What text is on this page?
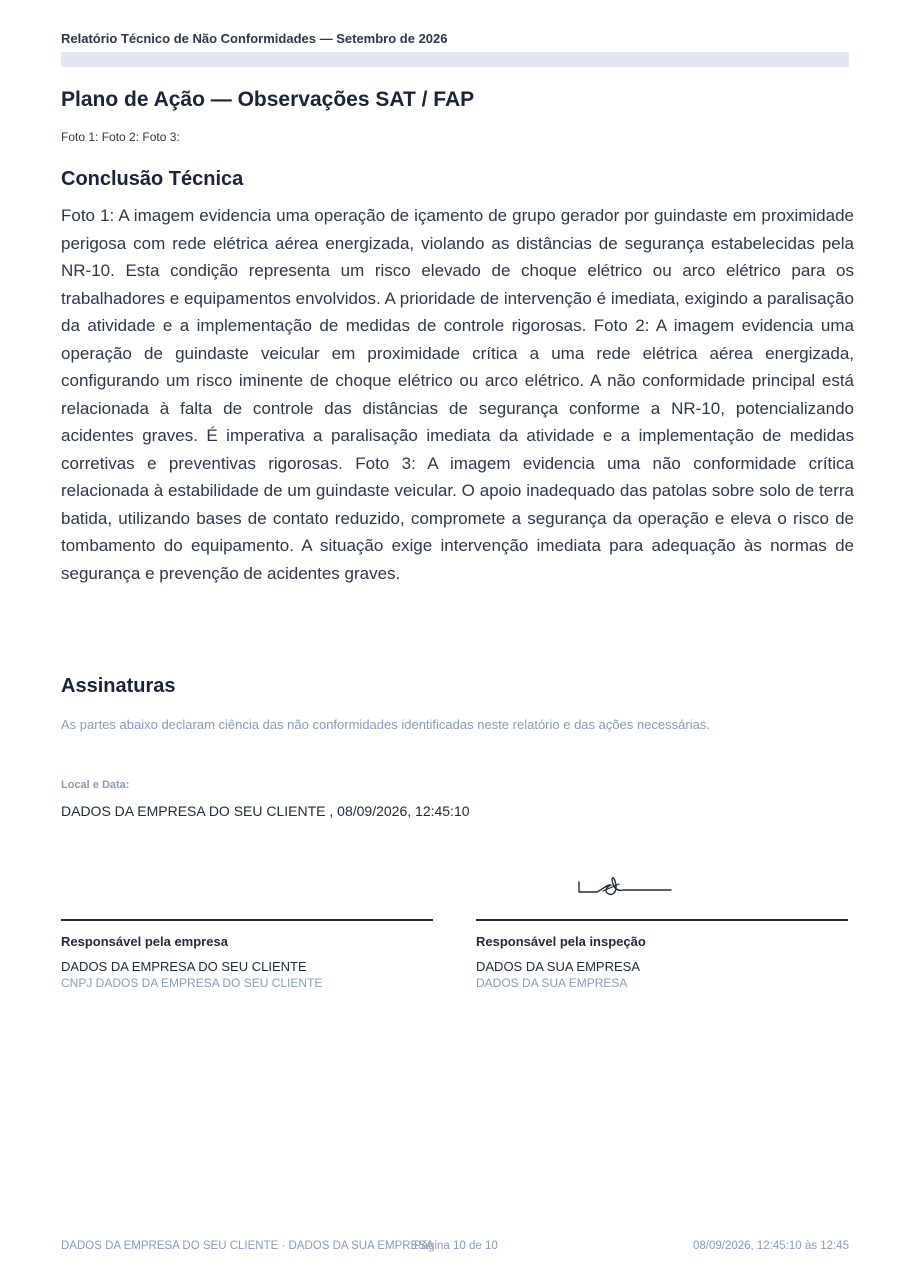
Relatório Técnico de Não Conformidades — Setembro de 2026
Plano de Ação — Observações SAT / FAP
Foto 1: Foto 2: Foto 3:
Conclusão Técnica
Foto 1: A imagem evidencia uma operação de içamento de grupo gerador por guindaste em proximidade perigosa com rede elétrica aérea energizada, violando as distâncias de segurança estabelecidas pela NR-10. Esta condição representa um risco elevado de choque elétrico ou arco elétrico para os trabalhadores e equipamentos envolvidos. A prioridade de intervenção é imediata, exigindo a paralisação da atividade e a implementação de medidas de controle rigorosas. Foto 2: A imagem evidencia uma operação de guindaste veicular em proximidade crítica a uma rede elétrica aérea energizada, configurando um risco iminente de choque elétrico ou arco elétrico. A não conformidade principal está relacionada à falta de controle das distâncias de segurança conforme a NR-10, potencializando acidentes graves. É imperativa a paralisação imediata da atividade e a implementação de medidas corretivas e preventivas rigorosas. Foto 3: A imagem evidencia uma não conformidade crítica relacionada à estabilidade de um guindaste veicular. O apoio inadequado das patolas sobre solo de terra batida, utilizando bases de contato reduzido, compromete a segurança da operação e eleva o risco de tombamento do equipamento. A situação exige intervenção imediata para adequação às normas de segurança e prevenção de acidentes graves.
Assinaturas
As partes abaixo declaram ciência das não conformidades identificadas neste relatório e das ações necessárias.
Local e Data:
DADOS DA EMPRESA DO SEU CLIENTE , 08/09/2026, 12:45:10
Responsável pela empresa
DADOS DA EMPRESA DO SEU CLIENTE
CNPJ DADOS DA EMPRESA DO SEU CLIENTE
Responsável pela inspeção
DADOS DA SUA EMPRESA
DADOS DA SUA EMPRESA
DADOS DA EMPRESA DO SEU CLIENTE · DADOS DA SUA EMPRESA
Página 10 de 10	08/09/2026, 12:45:10 às 12:45
